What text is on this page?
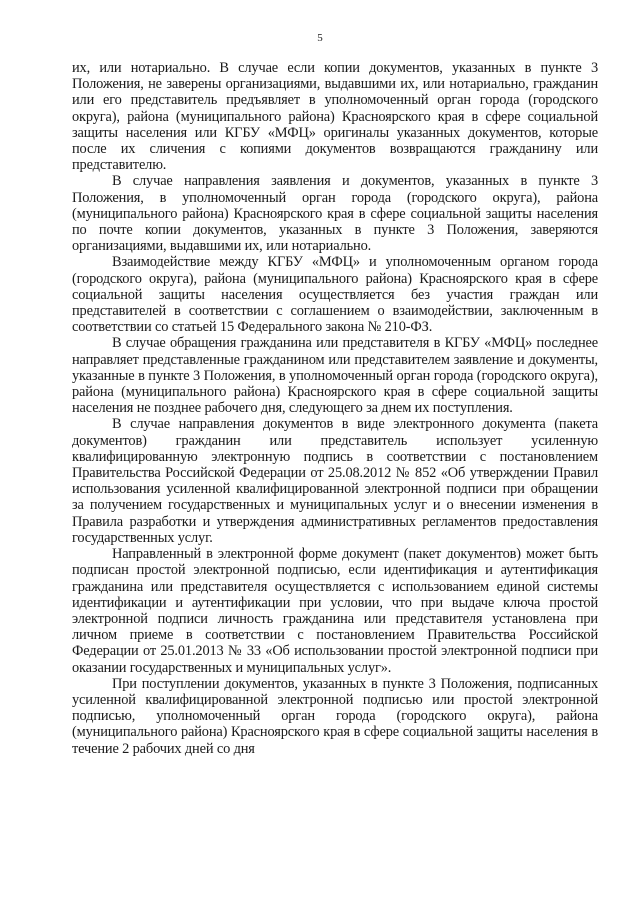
5

их, или нотариально. В случае если копии документов, указанных в пункте 3 Положения, не заверены организациями, выдавшими их, или нотариально, гражданин или его представитель предъявляет в уполномоченный орган города (городского округа), района (муниципального района) Красноярского края в сфере социальной защиты населения или КГБУ «МФЦ» оригиналы указанных документов, которые после их сличения с копиями документов возвращаются гражданину или представителю.

В случае направления заявления и документов, указанных в пункте 3 Положения, в уполномоченный орган города (городского округа), района (муниципального района) Красноярского края в сфере социальной защиты населения по почте копии документов, указанных в пункте 3 Положения, заверяются организациями, выдавшими их, или нотариально.

Взаимодействие между КГБУ «МФЦ» и уполномоченным органом города (городского округа), района (муниципального района) Красноярского края в сфере социальной защиты населения осуществляется без участия граждан или представителей в соответствии с соглашением о взаимодействии, заключенным в соответствии со статьей 15 Федерального закона № 210-ФЗ.

В случае обращения гражданина или представителя в КГБУ «МФЦ» последнее направляет представленные гражданином или представителем заявление и документы, указанные в пункте 3 Положения, в уполномоченный орган города (городского округа), района (муниципального района) Красноярского края в сфере социальной защиты населения не позднее рабочего дня, следующего за днем их поступления.

В случае направления документов в виде электронного документа (пакета документов) гражданин или представитель использует усиленную квалифицированную электронную подпись в соответствии с постановлением Правительства Российской Федерации от 25.08.2012 № 852 «Об утверждении Правил использования усиленной квалифицированной электронной подписи при обращении за получением государственных и муниципальных услуг и о внесении изменения в Правила разработки и утверждения административных регламентов предоставления государственных услуг.

Направленный в электронной форме документ (пакет документов) может быть подписан простой электронной подписью, если идентификация и аутентификация гражданина или представителя осуществляется с использованием единой системы идентификации и аутентификации при условии, что при выдаче ключа простой электронной подписи личность гражданина или представителя установлена при личном приеме в соответствии с постановлением Правительства Российской Федерации от 25.01.2013 № 33 «Об использовании простой электронной подписи при оказании государственных и муниципальных услуг».

При поступлении документов, указанных в пункте 3 Положения, подписанных усиленной квалифицированной электронной подписью или простой электронной подписью, уполномоченный орган города (городского округа), района (муниципального района) Красноярского края в сфере социальной защиты населения в течение 2 рабочих дней со дня
